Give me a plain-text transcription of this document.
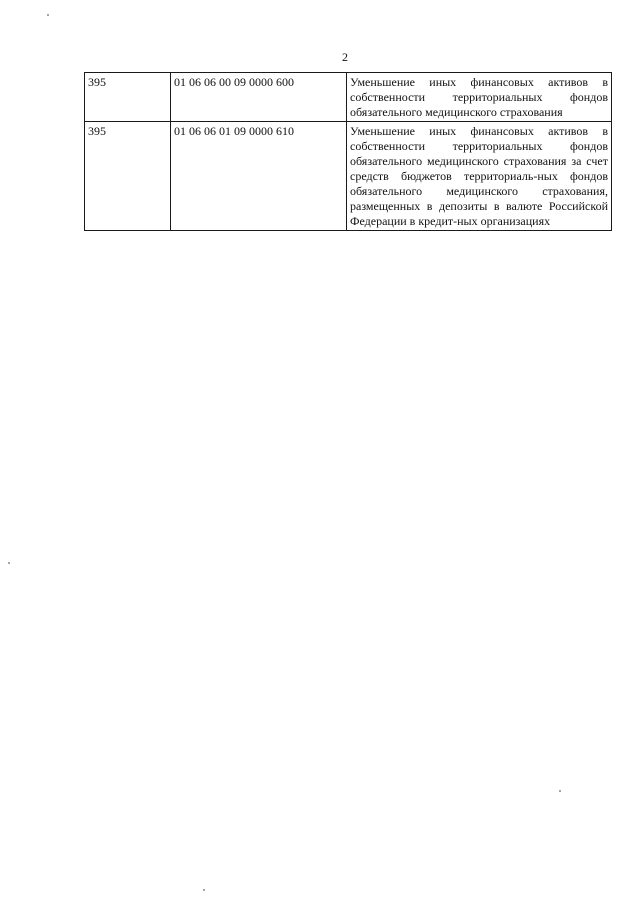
2
395	01 06 06 00 09 0000 600	Уменьшение иных финансовых активов в собственности территориальных фондов обязательного медицинского страхования
395	01 06 06 01 09 0000 610	Уменьшение иных финансовых активов в собственности территориальных фондов обязательного медицинского страхования за счет средств бюджетов территориаль-ных фондов обязательного медицинского страхования, размещенных в депозиты в валюте Российской Федерации в кредит-ных организациях
